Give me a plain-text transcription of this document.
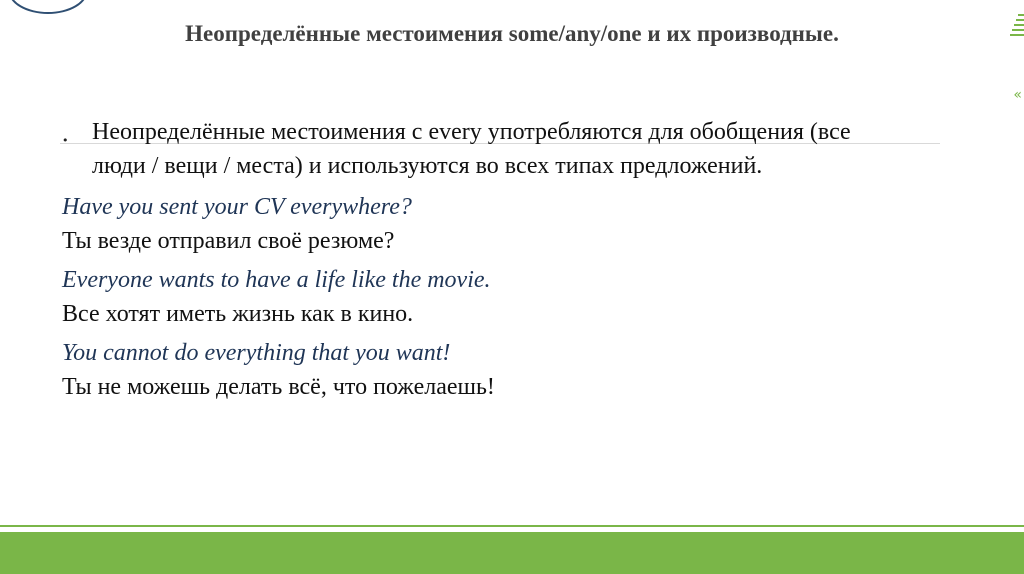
Неопределённые местоимения some/any/one и их производные.
«
• Неопределённые местоимения с every употребляются для обобщения (все люди / вещи / места) и используются во всех типах предложений.
Have you sent your CV everywhere?
Ты везде отправил своё резюме?
Everyone wants to have a life like the movie.
Все хотят иметь жизнь как в кино.
You cannot do everything that you want!
Ты не можешь делать всё, что пожелаешь!
